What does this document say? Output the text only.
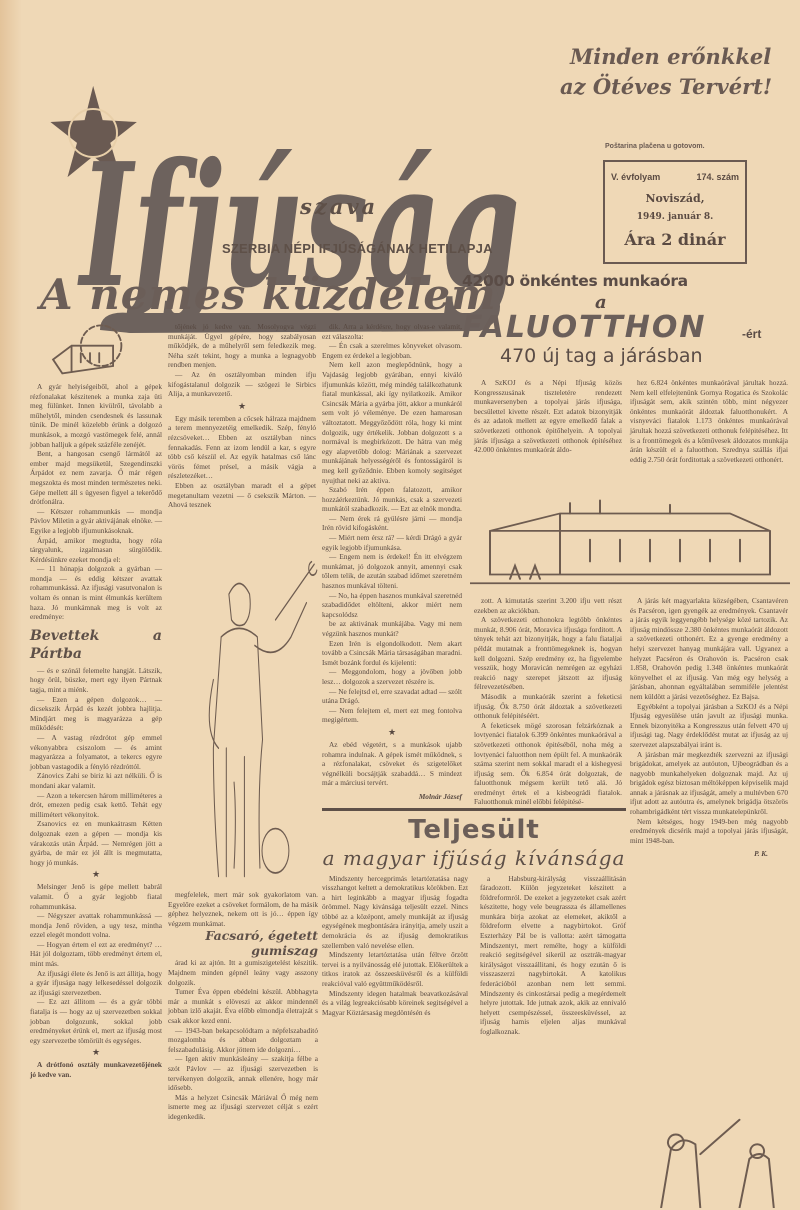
Ifjúság
szava
SZERBIA NÉPI IFJÚSÁGÁNAK HETILAPJA
Minden erőnkkel
az Ötéves Tervért!
Poštarina plačena u gotovom.
V. évfolyam	174. szám
Noviszád,
1949. január 8.
Ára 2 dinár
A nemes küzdelem

A gyár helyiségeiből, ahol a gépek rézfonalakat készitenek a munka zaja üti meg fülünket. Innen kivülről, távolabb a műhelytől, minden csendesnek és lassunak tünik. De minél közelebb érünk a dolgozó munkások, a mozgó vastömegek felé, annál jobban halljuk a gépek százféle zenéjét.

Bent, a hangosan csengő lármától az ember majd megsüketül, Szegendinszki Árpádot ez nem zavarja. Ő már régen megszokta és most minden természetes neki. Gépe mellett áll s ügyesen figyel a tekerődő drótfonálra.

— Kétszer rohammunkás — mondja Pávlov Miletin a gyár aktivájának elnöke. — Egyike a legjobb ifjumunkásoknak.

Árpád, amikor megtudta, hogy róla tárgyalunk, izgalmasan sürgölődik. Kérdésünkre ezeket mondja el:

— 11 hónapja dolgozok a gyárban — mondja — és eddig kétszer avattak rohammunkássá. Az ifjusági vasutvonalon is voltam és onnan is mint élmunkás kerültem haza. Jó munkámnak meg is volt az eredménye:

Bevettek a Pártba

— és e szónál felemelte hangját. Látszik, hogy örül, büszke, mert egy ilyen Pártnak tagja, mint a miénk.

— Ezen a gépen dolgozok… — dicsekszik Árpád és kezét jobbra hajlitja. Mindjárt meg is magyarázza a gép működését:

— A vastag rézdrótot gép emmel vékonyabbra csiszolom — és amint magyarázza a folyamatot, a tekercs egyre jobban vastagodik a fényló rézdróttól.

Zánovics Zahi se biriz ki azt nélküli. Ő is mondani akar valamit.

— Azon a tekercsen három milliméteres a drót, emezen pedig csak kettő. Tehát egy millimétert vékonyitok.

Zsanovics ez en munkaátrasm Kétten dolgoznak ezen a gépen — mondja kis várakozás után Árpád. — Nemrégen jött a gyárba, de már ez jól állt is megmutatta, hogy jó munkás.

★

Melsinger Jenő is gépe mellett babrál valamit. Ő a gyár legjobb fiatal rohammunkása.

— Négyszer avattak rohammunkássá — mondja Jenő röviden, a ugy tesz, mintha ezzel elegét mondott volna.

— Hogyan értem el ezt az eredményt? … Hát jól dolgoztam, több eredményt értem el, mint más.

Az ifjusági élete és Jenő is azt állitja, hogy a gyár ifjusága nagy lelkesedéssel dolgozik az ifjusági szervezetben.

— Ez azt állitom — és a gyár többi fiatalja is — hogy az uj szervezetben sokkal jobban dolgozunk, sokkal jobb eredményeket érünk el, mert az ifjuság most egy szervezetbe tömörült és egységes.

★

A drótfonó osztály munkavezetőjének jó kedve van.

tőjének jó kedve van. Mosolyogva végzi munkáját. Ügyel gépére, hogy szabályosan működjék, de a műhelyről sem feledkezik meg. Néha szét tekint, hogy a munka a legnagyobb rendben menjen.

— Az én osztályomban minden ifju kifogástalanul dolgozik — szögezi le Sirbics Alija, a munkavezető.

★

Egy másik teremben a cőcsek hálraza majdnem a terem mennyezetéig emelkedik. Szép, fényló rézcsöveket… Ebben az osztályban nincs fennakadás. Fenn az izom lendül a kar, s egyre több cső készül el. Az egyik hatalmas cső lánc vörös fémet présel, a másik vágja a részletezéket…

Ebben az osztályban maradt el a gépet megetanultam vezetni — ő csekszik Márton. — Ahová tesznek

megfelelek, mert már sok gyakorlatom van. Egyelőre ezeket a csöveket formálom, de ha másik géphez helyeznek, nekem ott is jó… éppen így végzem munkámat.

Facsaró, égetett gumiszag

árad ki az ajtón. Itt a gumiszigetelést készitik. Majdnem minden gépnél leány vagy asszony dolgozik.

Tumer Éva éppen ebédelni készül. Abbhagyta már a munkát s elöveszi az akkor mindennél jobban izlő akaját. Éva előbb elmondja életrajzát s csak akkor kezd enni.

— 1943-ban bekapcsolódtam a népfelszabaditó mozgalomba és abban dolgoztam a felszabadulásig. Akkor jöttem ide dolgozni…

— Igen aktiv munkásleány — szakitja félbe a szót Pávlov — az ifjusági szervezetben is tervékenyen dolgozik, annak ellenére, hogy már idősebb.

Más a helyzet Csincsák Máriával Ő még nem ismerte meg az ifjusági szervezet célját s ezért idegenkedik.

dik. Arra a kérdésre, hogy olvas-e valamit, ezt válaszolta:

— Én csak a szerelmes könyveket olvasom. Engem ez érdekel a legjobban.

Nem kell azon meglepődnünk, hogy a Vajdaság legjobb gyárában, ennyi kiváló ifjumunkás között, még mindég találkozhatunk fiatal munkással, aki így nyilatkozik. Amikor Csincsák Mária a gyárba jött, akkor a munkáról sem volt jó véleménye. De ezen hamarosan változtatott. Meggyőződött róla, hogy ki mint dolgozik, ugy értékelik. Jobban dolgozott s a normával is megbirkózott. De hátra van még egy alapvetőbb dolog: Máriának a szervezet munkájának helyességéről és fontosságáról is meg kell győződnie. Ebben komoly segitséget nyujthat neki az aktiva.

Szabó Irén éppen falatozott, amikor hozzáérkeztünk. Jó munkás, csak a szervezeti munkától szabadkozik. — Ezt az elnök mondta.

— Nem érek rá gyülésre járni — mondja Irén rövid kifogásként.

— Miért nem érsz rá? — kérdi Drágó a gyár egyik legjobb ifjumunkása.

— Engem nem is érdekel! Én itt elvégzem munkámat, jó dolgozok annyit, amennyi csak tőlem telik, de azután szabad időmet szeretném hasznos munkával tölteni.

— No, ha éppen hasznos munkával szeretnéd szabadidődet eltölteni, akkor miért nem kapcsolódsz

be az aktivának munkájába. Vagy mi nem végzünk hasznos munkát?

Ezen Irén is elgondolkodott. Nem akart tovább a Csincsák Mária társaságában maradni. Ismét bozánk fordul és kijelenti:

— Meggondolom, hogy a jövőben jobb lesz… dolgozok a szervezet részére is.

— Ne felejtsd el, erre szavadat adtad — szólt utána Drágó.

— Nem felejtem el, mert ezt meg fontolva megigértem.

★

Az ebéd végetért, s a munkások ujabb rohamra indulnak. A gépek ismét működnek, s a rézfonalakat, csöveket és szigetelőket végnélküli bocsájtják szabaddá… S mindezt már a márciusi tervért.

Molnár József

Teljesült
a magyar ifjúság kívánsága

Mindszenty hercegprimás letartóztatása nagy visszhangot keltett a demokratikus körökben. Ezt a hirt leginkább a magyar ifjuság fogadta örömmel. Nagy kivánsága teljesült ezzel. Nincs többé az a középont, amely munkáját az ifjuság egységének megbontására irányitja, amely uszit a demokrácia és az ifjuság demokratikus szellemben való nevelése ellen.

Mindszenty letartóztatása után féltve őrzött tervei is a nyilvánosság elé jutottak. Előkerültek a titkos iratok az összeesküvésről és a külföldi reakcióval való együttműködésről.

Mindszenty idegen hatalmak beavatkozásával és a világ legreakciósabb köreinek segitségével a Magyar Köztársaság megdöntésén és

a Habsburg-királyság visszaállitásán fáradozott. Külön jegyzeteket készitett a földreformról. De ezeket a jegyzeteket csak azért készitette, hogy vele beugrassza és államellenes munkára birja azokat az elemeket, akiktől a földreform elvette a nagybirtokot. Gróf Eszterházy Pál be is vallotta: azért támogatta Mindszentyt, mert remélte, hogy a külföldi reakció segitségével sikerül az osztrák-magyar királyságot visszaállitani, és hogy ezután ő is visszaszerzi nagybirtokát. A katolikus federációból azonban nem lett semmi. Mindszenty és cinkostársai pedig a megérdemelt helyre jutottak. Ide jutnak azok, akik az ennivaló helyett csempészéssel, összeesküvéssel, az ifjuság hamis eljelen aljas munkával foglalkoznak.

42000 önkéntes munkaóra
a
FALUOTTHON	-ért
470 új tag a járásban

A SzKOJ és a Népi Ifjuság közös Kongresszusának tiszteletére rendezett munkaversenyben a topolyai járás ifjusága, becsülettel kivette részét. Ezt adatok bizonyitják és az adatok mellett az egyre emelkedő falak a szövetkezeti otthonok épitőhelyein. A topolyai járás ifjusága a szövetkezeti otthonok épitéséhez 42.000 önkéntes munkaórát áldo-

hez 6.824 önkéntes munkaórával járultak hozzá. Nem kell elfelejtenünk Gornya Rogatica és Szokolác ifjuságát sem, akik szintén több, mint négyezer önkéntes munkaórát áldoztak faluotthonukért. A visnyeváci fiatalok 1.173 önkéntes munkaórával járultak hozzá szövetkezeti otthonuk felépitéséhez. Itt is a fronttömegek és a kőművesek áldozatos munkája árán készült el a faluotthon. Szrednya szállás ifjai eddig 2.750 órát forditottak a szövetkezeti otthonért.

zott. A kimutatás szerint 3.200 ifju vett részt ezekben az akciókban.

A szövetkezeti otthonokra legtöbb önkéntes munkát, 8.906 órát, Moravica ifjusága forditott. A tények tehát azt bizonyitják, hogy a falu fiataljai példát mutatnak a fronttömegeknek is, hogyan kell dolgozni. Szép eredmény ez, ha figyelembe vesszük, hogy Moravicán nemrégen az egyházi reakció nagy szerepet játszott az ifjuság félrevezetésében.

Második a munkaórák szerint a feketicsi ifjuság. Ők 8.750 órát áldoztak a szövetkezeti otthonuk felépitéséért.

A feketicsek mögé szorosan felzárkóznak a lovtyenáci fiatalok 6.399 önkéntes munkaórával a szövetkezeti otthonok épitéséből, noha még a lovtyenáci faluotthon nem épült fel. A munkaórák száma szerint nem sokkal maradt el a kishegyesi ifjuság sem. Ők 6.854 órát dolgoztak, de faluotthonuk mégsem került tető alá. Jó eredményt értek el a kisbeográdi fiatalok. Faluotthonuk minél előbbi felépitésé-

A járás két magyarlakta községében, Csantavéren és Pacséron, igen gyengék az eredmények. Csantavér a járás egyik leggyengébb helysége közé tartozik. Az ifjuság mindössze 2.380 önkéntes munkaórát áldozott a szövetkezeti otthonért. Ez a gyenge eredmény a helyi szervezet hanyag munkájára vall. Ugyanez a helyzet Pacséron és Orahovón is. Pacséron csak 1.858, Orahovón pedig 1.348 önkéntes munkaórát könyvelhet el az ifjuság. Van még egy helység a járásban, ahonnan egyáltalában semmiféle jelentést nem küldött a járási vezetőséghez. Ez Bajsa.

Egyébként a topolyai járásban a SzKOJ és a Népi Ifjuság egyesülése után javult az ifjusági munka. Ennek bizonyitéka a Kongresszus után felvett 470 uj ifjusági tag. Nagy érdeklődést mutat az ifjuság az uj szervezet alapszabályai iránt is.

A járásban már megkezdték szervezni az ifjusági brigádokat, amelyek az autóuton, Ujbeográdban és a nagyobb munkahelyeken dolgoznak majd. Az uj brigádok egész biztosan méltóképpen képviselik majd annak a járásnak az ifjuságát, amely a multévben 670 ifjut adott az autóutra és, amelynek brigádja ötszörös rohambrigádként tért vissza munkatelepünkről.

Nem kétséges, hogy 1949-ben még nagyobb eredmények dicsérik majd a topolyai járás ifjuságát, mint 1948-ban.

P. K.
